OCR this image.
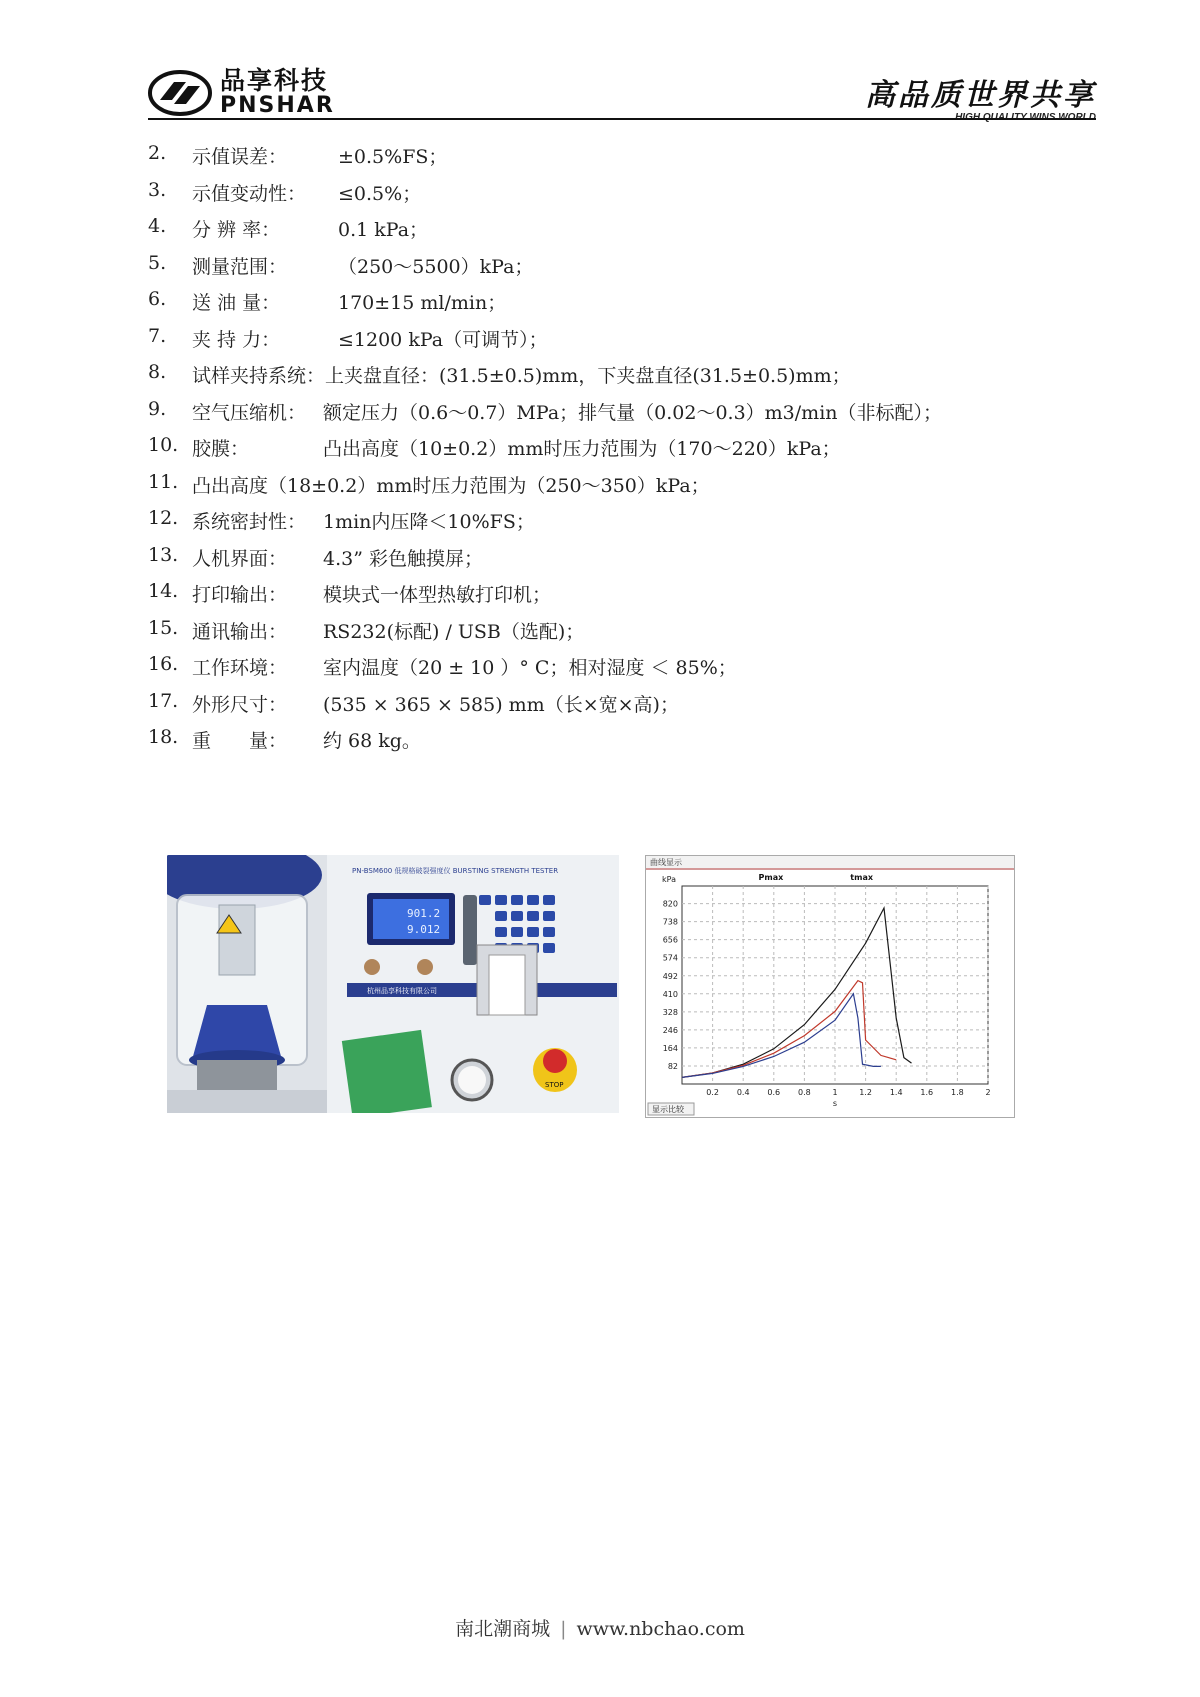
品享科技
PNSHAR	高品质世界共享
2.	示值误差：	±0.5%FS；
3.	示值变动性： ≤0.5%；
4.	分 辨 率：	0.1 kPa；
5.	测量范围：	（250～5500）kPa；
6.	送 油 量：	170±15 ml/min；
7.	夹 持 力：	≤1200 kPa（可调节）；
8.	试样夹持系统：上夹盘直径：(31.5±0.5)mm，下夹盘直径(31.5±0.5)mm；
9.	空气压缩机： 额定压力（0.6～0.7）MPa；排气量（0.02～0.3）m3/min（非标配）；
10. 胶膜：	凸出高度（10±0.2）mm时压力范围为（170～220）kPa；
11. 凸出高度（18±0.2）mm时压力范围为（250～350）kPa；
12. 系统密封性： 1min内压降＜10%FS；
13. 人机界面： 4.3” 彩色触摸屏；
14. 打印输出： 模块式一体型热敏打印机；
15. 通讯输出： RS232(标配) / USB（选配)；
16. 工作环境： 室内温度（20 ± 10 ）° C；相对湿度 ＜ 85%；
17. 外形尺寸： (535 × 365 × 585) mm（长×宽×高)；
18. 重　　量： 约 68 kg。
PN-BSM600 低规格破裂强度仪 BURSTING STRENGTH TESTER
901.2
9.012
杭州品享科技有限公司
STOP
曲线显示
82
164
246
328
410
492
574
656
738
820
0.2 0.4 0.6 0.8	1	1.2 1.4 1.6 1.8	2
kPa
s
Pmax	tmax
显示比较
南北潮商城 | www.nbchao.com
